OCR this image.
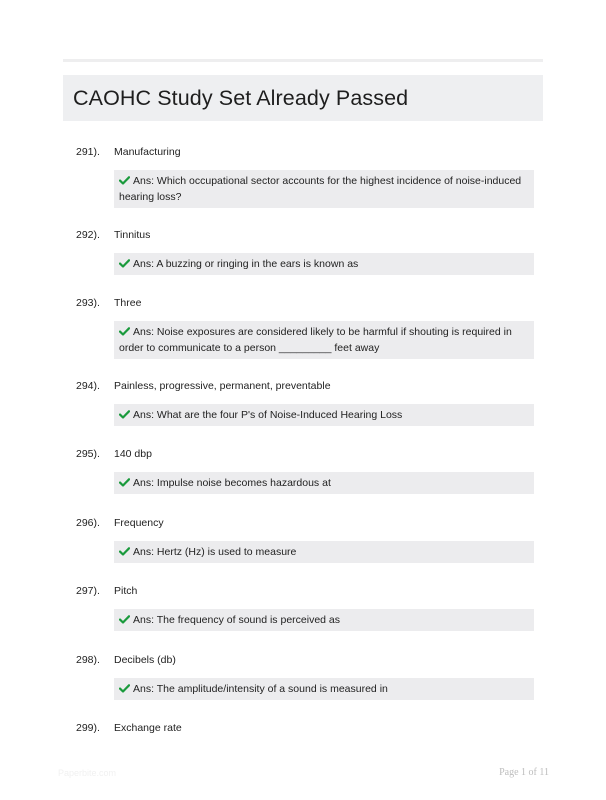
CAOHC Study Set Already Passed
291). Manufacturing
Ans: Which occupational sector accounts for the highest incidence of noise-induced hearing loss?
292). Tinnitus
Ans: A buzzing or ringing in the ears is known as
293). Three
Ans: Noise exposures are considered likely to be harmful if shouting is required in order to communicate to a person _________ feet away
294). Painless, progressive, permanent, preventable
Ans: What are the four P's of Noise-Induced Hearing Loss
295). 140 dbp
Ans: Impulse noise becomes hazardous at
296). Frequency
Ans: Hertz (Hz) is used to measure
297). Pitch
Ans: The frequency of sound is perceived as
298). Decibels (db)
Ans: The amplitude/intensity of a sound is measured in
299). Exchange rate
Paperbite.com	Page 1 of 11
